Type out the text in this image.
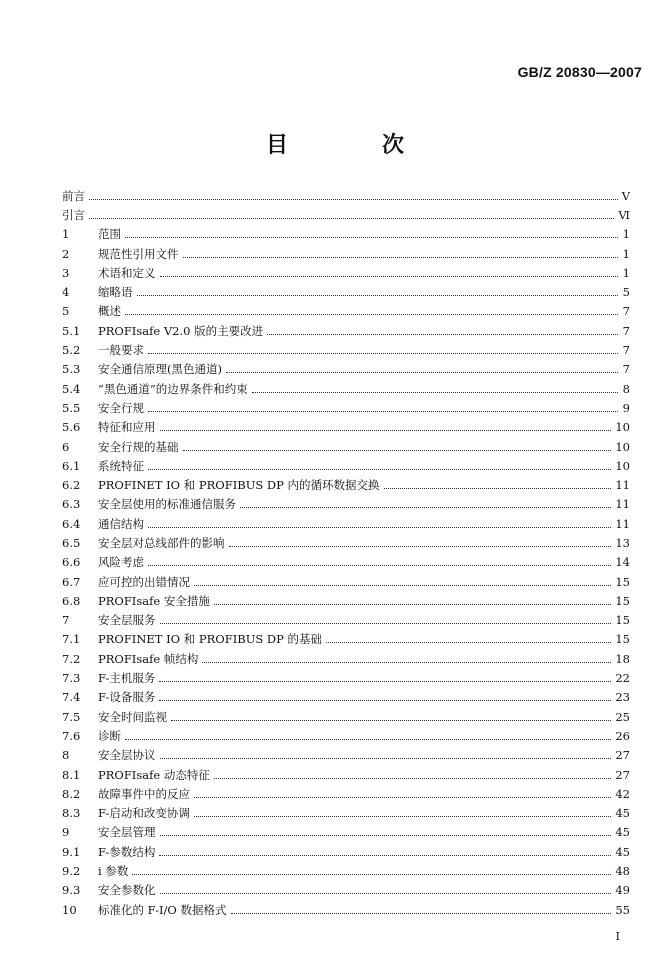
GB/Z 20830—2007
目　次
前言	Ⅴ
引言	Ⅵ
1	范围	1
2	规范性引用文件	1
3	术语和定义	1
4	缩略语	5
5	概述	7
5.1	PROFIsafe V2.0 版的主要改进	7
5.2	一般要求	7
5.3	安全通信原理(黑色通道)	7
5.4	“黑色通道”的边界条件和约束	8
5.5	安全行规	9
5.6	特征和应用	10
6	安全行规的基础	10
6.1	系统特征	10
6.2	PROFINET IO 和 PROFIBUS DP 内的循环数据交换	11
6.3	安全层使用的标准通信服务	11
6.4	通信结构	11
6.5	安全层对总线部件的影响	13
6.6	风险考虑	14
6.7	应可控的出错情况	15
6.8	PROFIsafe 安全措施	15
7	安全层服务	15
7.1	PROFINET IO 和 PROFIBUS DP 的基础	15
7.2	PROFIsafe 帧结构	18
7.3	F-主机服务	22
7.4	F-设备服务	23
7.5	安全时间监视	25
7.6	诊断	26
8	安全层协议	27
8.1	PROFIsafe 动态特征	27
8.2	故障事件中的反应	42
8.3	F-启动和改变协调	45
9	安全层管理	45
9.1	F-参数结构	45
9.2	i 参数	48
9.3	安全参数化	49
10	标准化的 F-I/O 数据格式	55
I
